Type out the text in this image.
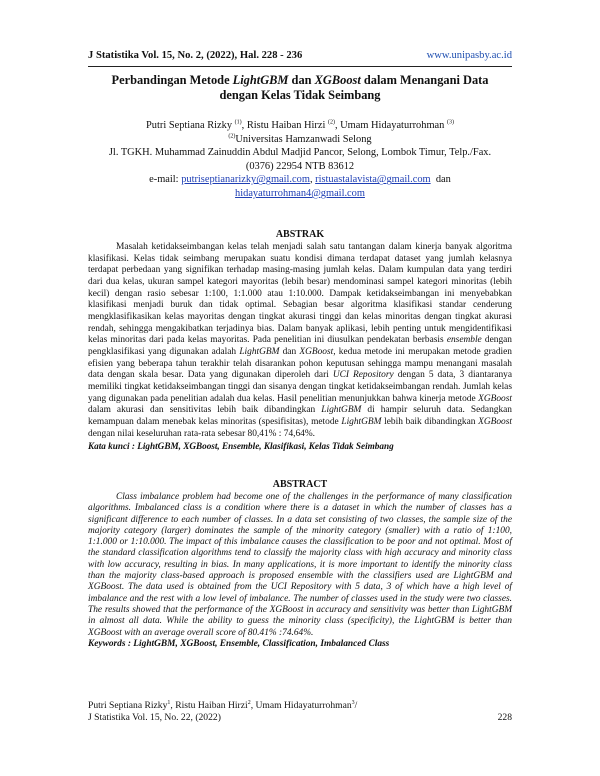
J Statistika Vol. 15, No. 2, (2022), Hal. 228 - 236	www.unipasby.ac.id
Perbandingan Metode LightGBM dan XGBoost dalam Menangani Data dengan Kelas Tidak Seimbang
Putri Septiana Rizky $^{(1)}$, Ristu Haiban Hirzi $^{(2)}$, Umam Hidayaturrohman $^{(3)}$
$^{(2)}$Universitas Hamzanwadi Selong
Jl. TGKH. Muhammad Zainuddin Abdul Madjid Pancor, Selong, Lombok Timur, Telp./Fax.
(0376) 22954 NTB 83612
e-mail: putriseptianarizky@gmail.com, ristuastalavista@gmail.com dan
hidayaturrohman4@gmail.com
ABSTRAK

Masalah ketidakseimbangan kelas telah menjadi salah satu tantangan dalam kinerja banyak algoritma klasifikasi. Kelas tidak seimbang merupakan suatu kondisi dimana terdapat dataset yang jumlah kelasnya terdapat perbedaan yang signifikan terhadap masing-masing jumlah kelas. Dalam kumpulan data yang terdiri dari dua kelas, ukuran sampel kategori mayoritas (lebih besar) mendominasi sampel kategori minoritas (lebih kecil) dengan rasio sebesar 1:100, 1:1.000 atau 1:10.000. Dampak ketidakseimbangan ini menyebabkan klasifikasi menjadi buruk dan tidak optimal. Sebagian besar algoritma klasifikasi standar cenderung mengklasifikasikan kelas mayoritas dengan tingkat akurasi tinggi dan kelas minoritas dengan tingkat akurasi rendah, sehingga mengakibatkan terjadinya bias. Dalam banyak aplikasi, lebih penting untuk mengidentifikasi kelas minoritas dari pada kelas mayoritas. Pada penelitian ini diusulkan pendekatan berbasis ensemble dengan pengklasifikasi yang digunakan adalah LightGBM dan XGBoost, kedua metode ini merupakan metode gradien efisien yang beberapa tahun terakhir telah disarankan pohon keputusan sehingga mampu menangani masalah data dengan skala besar. Data yang digunakan diperoleh dari UCI Repository dengan 5 data, 3 diantaranya memiliki tingkat ketidakseimbangan tinggi dan sisanya dengan tingkat ketidakseimbangan rendah. Jumlah kelas yang digunakan pada penelitian adalah dua kelas. Hasil penelitian menunjukkan bahwa kinerja metode XGBoost dalam akurasi dan sensitivitas lebih baik dibandingkan LightGBM di hampir seluruh data. Sedangkan kemampuan dalam menebak kelas minoritas (spesifisitas), metode LightGBM lebih baik dibandingkan XGBoost dengan nilai keseluruhan rata-rata sebesar 80,41% : 74,64%.

Kata kunci : LightGBM, XGBoost, Ensemble, Klasifikasi, Kelas Tidak Seimbang

ABSTRACT

Class imbalance problem had become one of the challenges in the performance of many classification algorithms. Imbalanced class is a condition where there is a dataset in which the number of classes has a significant difference to each number of classes. In a data set consisting of two classes, the sample size of the majority category (larger) dominates the sample of the minority category (smaller) with a ratio of 1:100, 1:1.000 or 1:10.000. The impact of this imbalance causes the classification to be poor and not optimal. Most of the standard classification algorithms tend to classify the majority class with high accuracy and minority class with low accuracy, resulting in bias. In many applications, it is more important to identify the minority class than the majority class-based approach is proposed ensemble with the classifiers used are LightGBM and XGBoost. The data used is obtained from the UCI Repository with 5 data, 3 of which have a high level of imbalance and the rest with a low level of imbalance. The number of classes used in the study were two classes. The results showed that the performance of the XGBoost in accuracy and sensitivity was better than LightGBM in almost all data. While the ability to guess the minority class (specificity), the LightGBM is better than XGBoost with an average overall score of 80.41% :74.64%.

Keywords : LightGBM, XGBoost, Ensemble, Classification, Imbalanced Class

Putri Septiana Rizky$^1$, Ristu Haiban Hirzi$^2$, Umam Hidayaturrohman$^3$/
J Statistika Vol. 15, No. 22, (2022)	228
